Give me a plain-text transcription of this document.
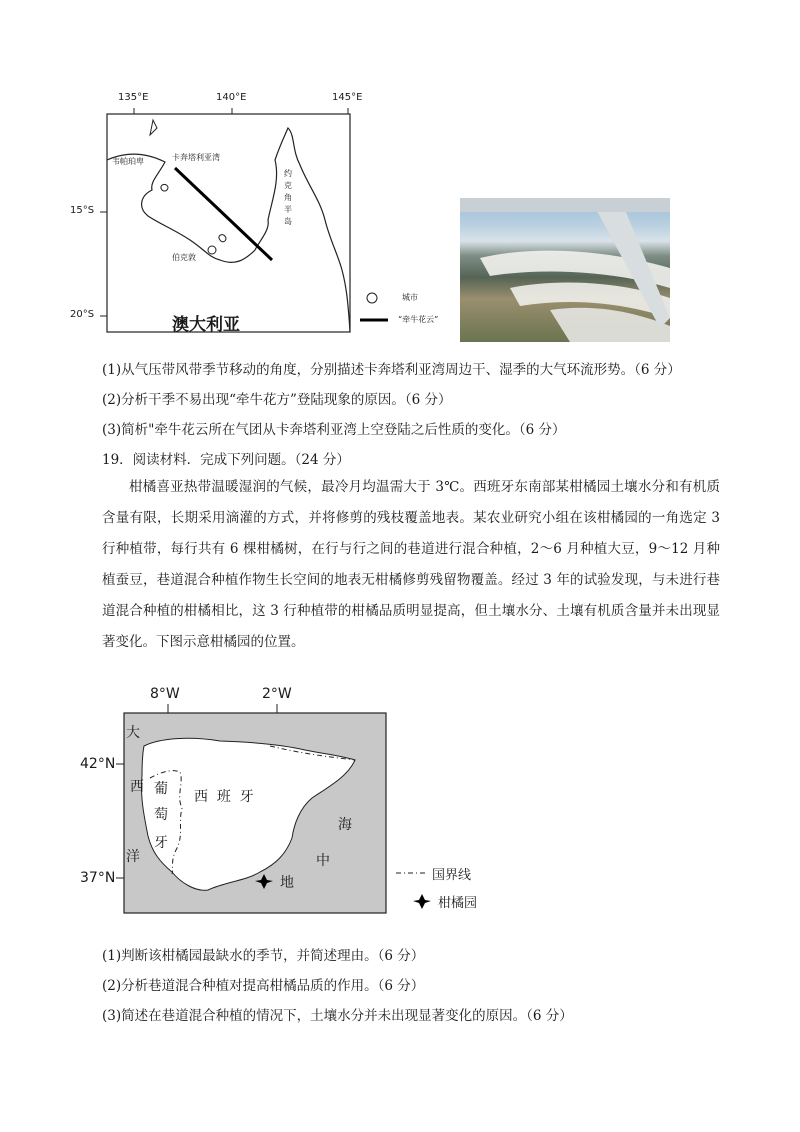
135°E	140°E	145°E
15°S
20°S
韦帕珀卑	卡奔塔利亚湾
约克角半岛
伯克敦
澳大利亚
城市
“牵牛花云”
(1)从气压带风带季节移动的角度，分别描述卡奔塔利亚湾周边干、湿季的大气环流形势。（6 分）
(2)分析干季不易出现“牵牛花方”登陆现象的原因。（6 分）
(3)简析"牵牛花云所在气团从卡奔塔利亚湾上空登陆之后性质的变化。（6 分）
19．阅读材料．完成下列问题。（24 分）
柑橘喜亚热带温暖湿润的气候，最冷月均温需大于 3℃。西班牙东南部某柑橘园土壤水分和有机质含量有限，长期采用滴灌的方式，并将修剪的残枝覆盖地表。某农业研究小组在该柑橘园的一角选定 3 行种植带，每行共有 6 棵柑橘树，在行与行之间的巷道进行混合种植，2～6 月种植大豆，9～12 月种植蚕豆，巷道混合种植作物生长空间的地表无柑橘修剪残留物覆盖。经过 3 年的试验发现，与未进行巷道混合种植的柑橘相比，这 3 行种植带的柑橘品质明显提高，但土壤水分、土壤有机质含量并未出现显著变化。下图示意柑橘园的位置。
8°W	2°W
42°N
37°N
大
西
洋
葡
萄
牙
西  班  牙
海
中
地	国界线
柑橘园
(1)判断该柑橘园最缺水的季节，并简述理由。（6 分）
(2)分析巷道混合种植对提高柑橘品质的作用。（6 分）
(3)简述在巷道混合种植的情况下，土壤水分并未出现显著变化的原因。（6 分）
